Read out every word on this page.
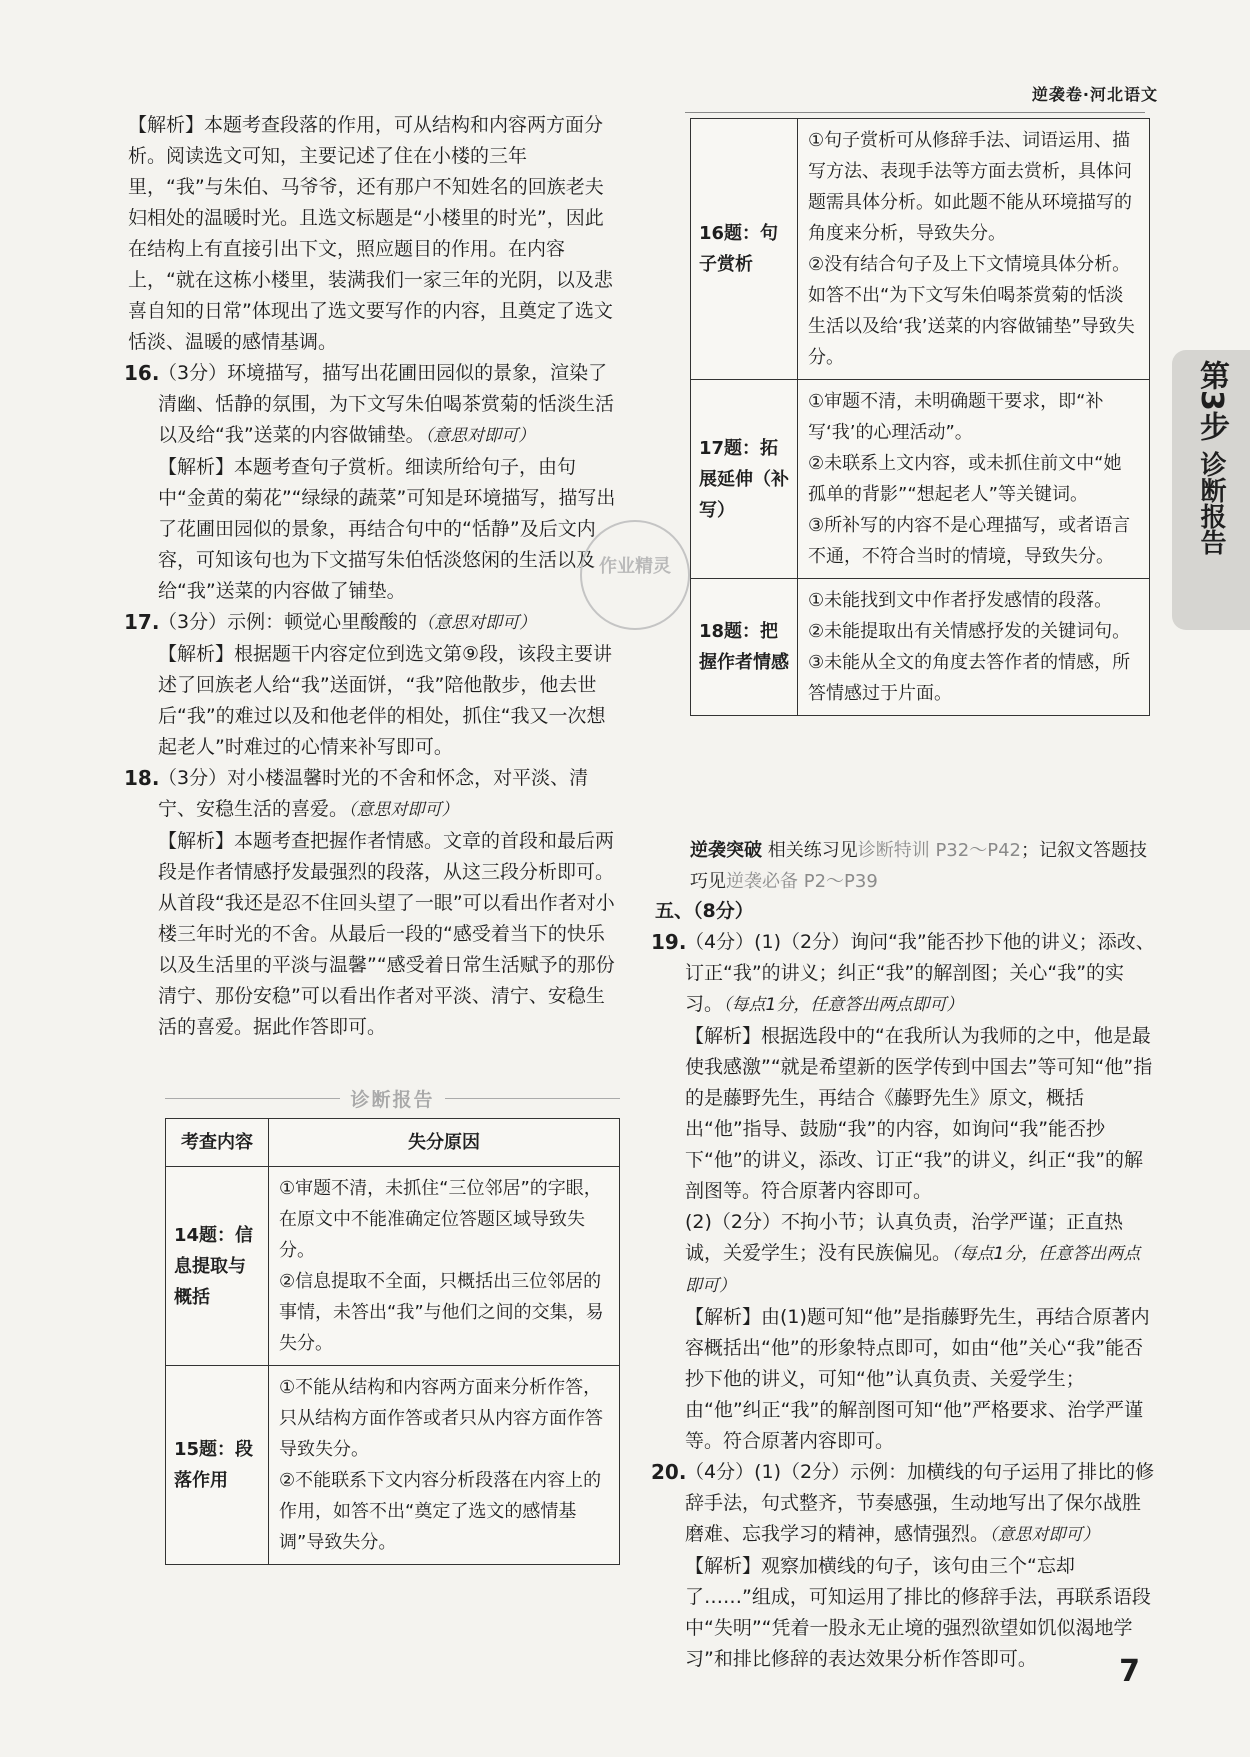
逆袭卷·河北语文

【解析】本题考查段落的作用，可从结构和内容两方面分析。阅读选文可知，主要记述了住在小楼的三年里，“我”与朱伯、马爷爷，还有那户不知姓名的回族老夫妇相处的温暖时光。且选文标题是“小楼里的时光”，因此在结构上有直接引出下文，照应题目的作用。在内容上，“就在这栋小楼里，装满我们一家三年的光阴，以及悲喜自知的日常”体现出了选文要写作的内容，且奠定了选文恬淡、温暖的感情基调。

16.
（3分）环境描写，描写出花圃田园似的景象，渲染了清幽、恬静的氛围，为下文写朱伯喝茶赏菊的恬淡生活以及给“我”送菜的内容做铺垫。（意思对即可）

【解析】本题考查句子赏析。细读所给句子，由句中“金黄的菊花”“绿绿的蔬菜”可知是环境描写，描写出了花圃田园似的景象，再结合句中的“恬静”及后文内容，可知该句也为下文描写朱伯恬淡悠闲的生活以及给“我”送菜的内容做了铺垫。

17.
（3分）示例：顿觉心里酸酸的（意思对即可）

【解析】根据题干内容定位到选文第⑨段，该段主要讲述了回族老人给“我”送面饼，“我”陪他散步，他去世后“我”的难过以及和他老伴的相处，抓住“我又一次想起老人”时难过的心情来补写即可。

18.
（3分）对小楼温馨时光的不舍和怀念，对平淡、清宁、安稳生活的喜爱。（意思对即可）

【解析】本题考查把握作者情感。文章的首段和最后两段是作者情感抒发最强烈的段落，从这三段分析即可。从首段“我还是忍不住回头望了一眼”可以看出作者对小楼三年时光的不舍。从最后一段的“感受着当下的快乐以及生活里的平淡与温馨”“感受着日常生活赋予的那份清宁、那份安稳”可以看出作者对平淡、清宁、安稳生活的喜爱。据此作答即可。

作业精灵
诊断报告
考查内容	失分原因
14题：信息提取与概括	①审题不清，未抓住“三位邻居”的字眼，在原文中不能准确定位答题区域导致失分。
②信息提取不全面，只概括出三位邻居的事情，未答出“我”与他们之间的交集，易失分。
15题：段落作用	①不能从结构和内容两方面来分析作答，只从结构方面作答或者只从内容方面作答导致失分。
②不能联系下文内容分析段落在内容上的作用，如答不出“奠定了选文的感情基调”导致失分。
16题：句子赏析	①句子赏析可从修辞手法、词语运用、描写方法、表现手法等方面去赏析，具体问题需具体分析。如此题不能从环境描写的角度来分析，导致失分。
②没有结合句子及上下文情境具体分析。如答不出“为下文写朱伯喝茶赏菊的恬淡生活以及给‘我’送菜的内容做铺垫”导致失分。
17题：拓展延伸（补写）	①审题不清，未明确题干要求，即“补写‘我’的心理活动”。
②未联系上文内容，或未抓住前文中“她孤单的背影”“想起老人”等关键词。
③所补写的内容不是心理描写，或者语言不通，不符合当时的情境，导致失分。
18题：把握作者情感	①未能找到文中作者抒发感情的段落。
②未能提取出有关情感抒发的关键词句。
③未能从全文的角度去答作者的情感，所答情感过于片面。
逆袭突破 相关练习见诊断特训 P32～P42；记叙文答题技巧见逆袭必备 P2～P39

五、（8分）

19.
（4分）(1)（2分）询问“我”能否抄下他的讲义；添改、订正“我”的讲义；纠正“我”的解剖图；关心“我”的实习。（每点1分，任意答出两点即可）

【解析】根据选段中的“在我所认为我师的之中，他是最使我感激”“就是希望新的医学传到中国去”等可知“他”指的是藤野先生，再结合《藤野先生》原文，概括出“他”指导、鼓励“我”的内容，如询问“我”能否抄下“他”的讲义，添改、订正“我”的讲义，纠正“我”的解剖图等。符合原著内容即可。

(2)（2分）不拘小节；认真负责，治学严谨；正直热诚，关爱学生；没有民族偏见。（每点1分，任意答出两点即可）

【解析】由(1)题可知“他”是指藤野先生，再结合原著内容概括出“他”的形象特点即可，如由“他”关心“我”能否抄下他的讲义，可知“他”认真负责、关爱学生；由“他”纠正“我”的解剖图可知“他”严格要求、治学严谨等。符合原著内容即可。

20.
（4分）(1)（2分）示例：加横线的句子运用了排比的修辞手法，句式整齐，节奏感强，生动地写出了保尔战胜磨难、忘我学习的精神，感情强烈。（意思对即可）

【解析】观察加横线的句子，该句由三个“忘却了……”组成，可知运用了排比的修辞手法，再联系语段中“失明”“凭着一股永无止境的强烈欲望如饥似渴地学习”和排比修辞的表达效果分析作答即可。

第3步
诊断报告
7
